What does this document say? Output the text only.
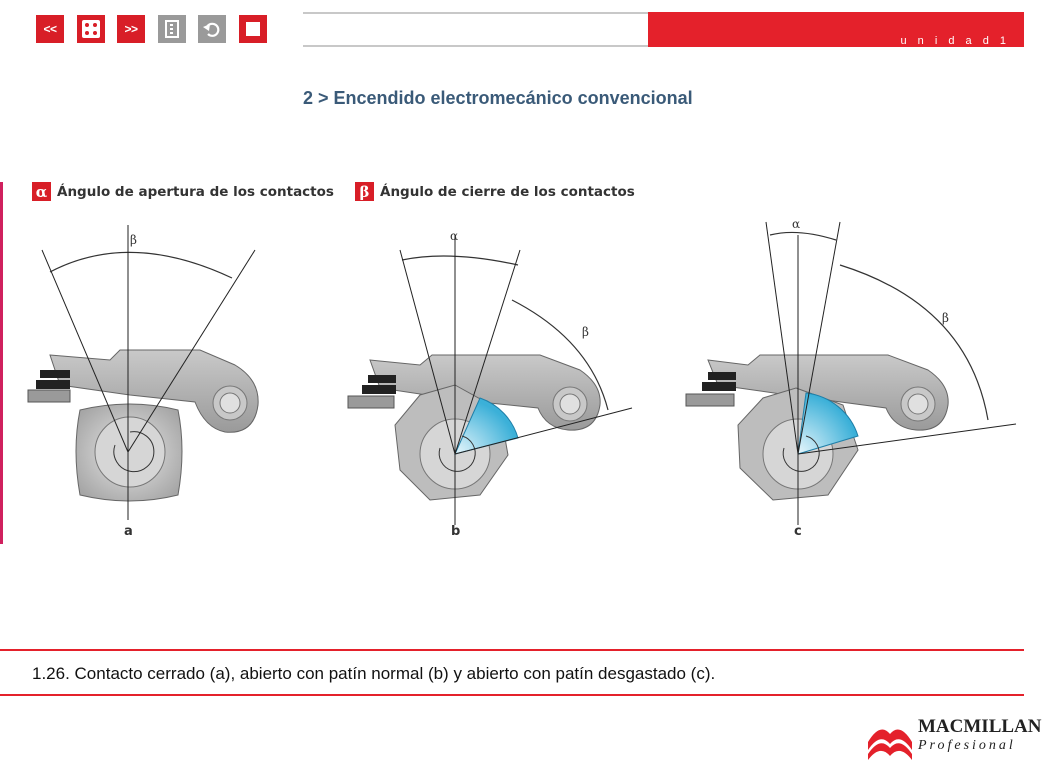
<<	>>
u n i d a d 1
2 > Encendido electromecánico convencional
α Ángulo de apertura de los contactos	β Ángulo de cierre de los contactos
β
a
α
β
b
α
β
c
1.26. Contacto cerrado (a), abierto con patín normal (b) y abierto con patín desgastado (c).
MACMILLAN
Profesional
